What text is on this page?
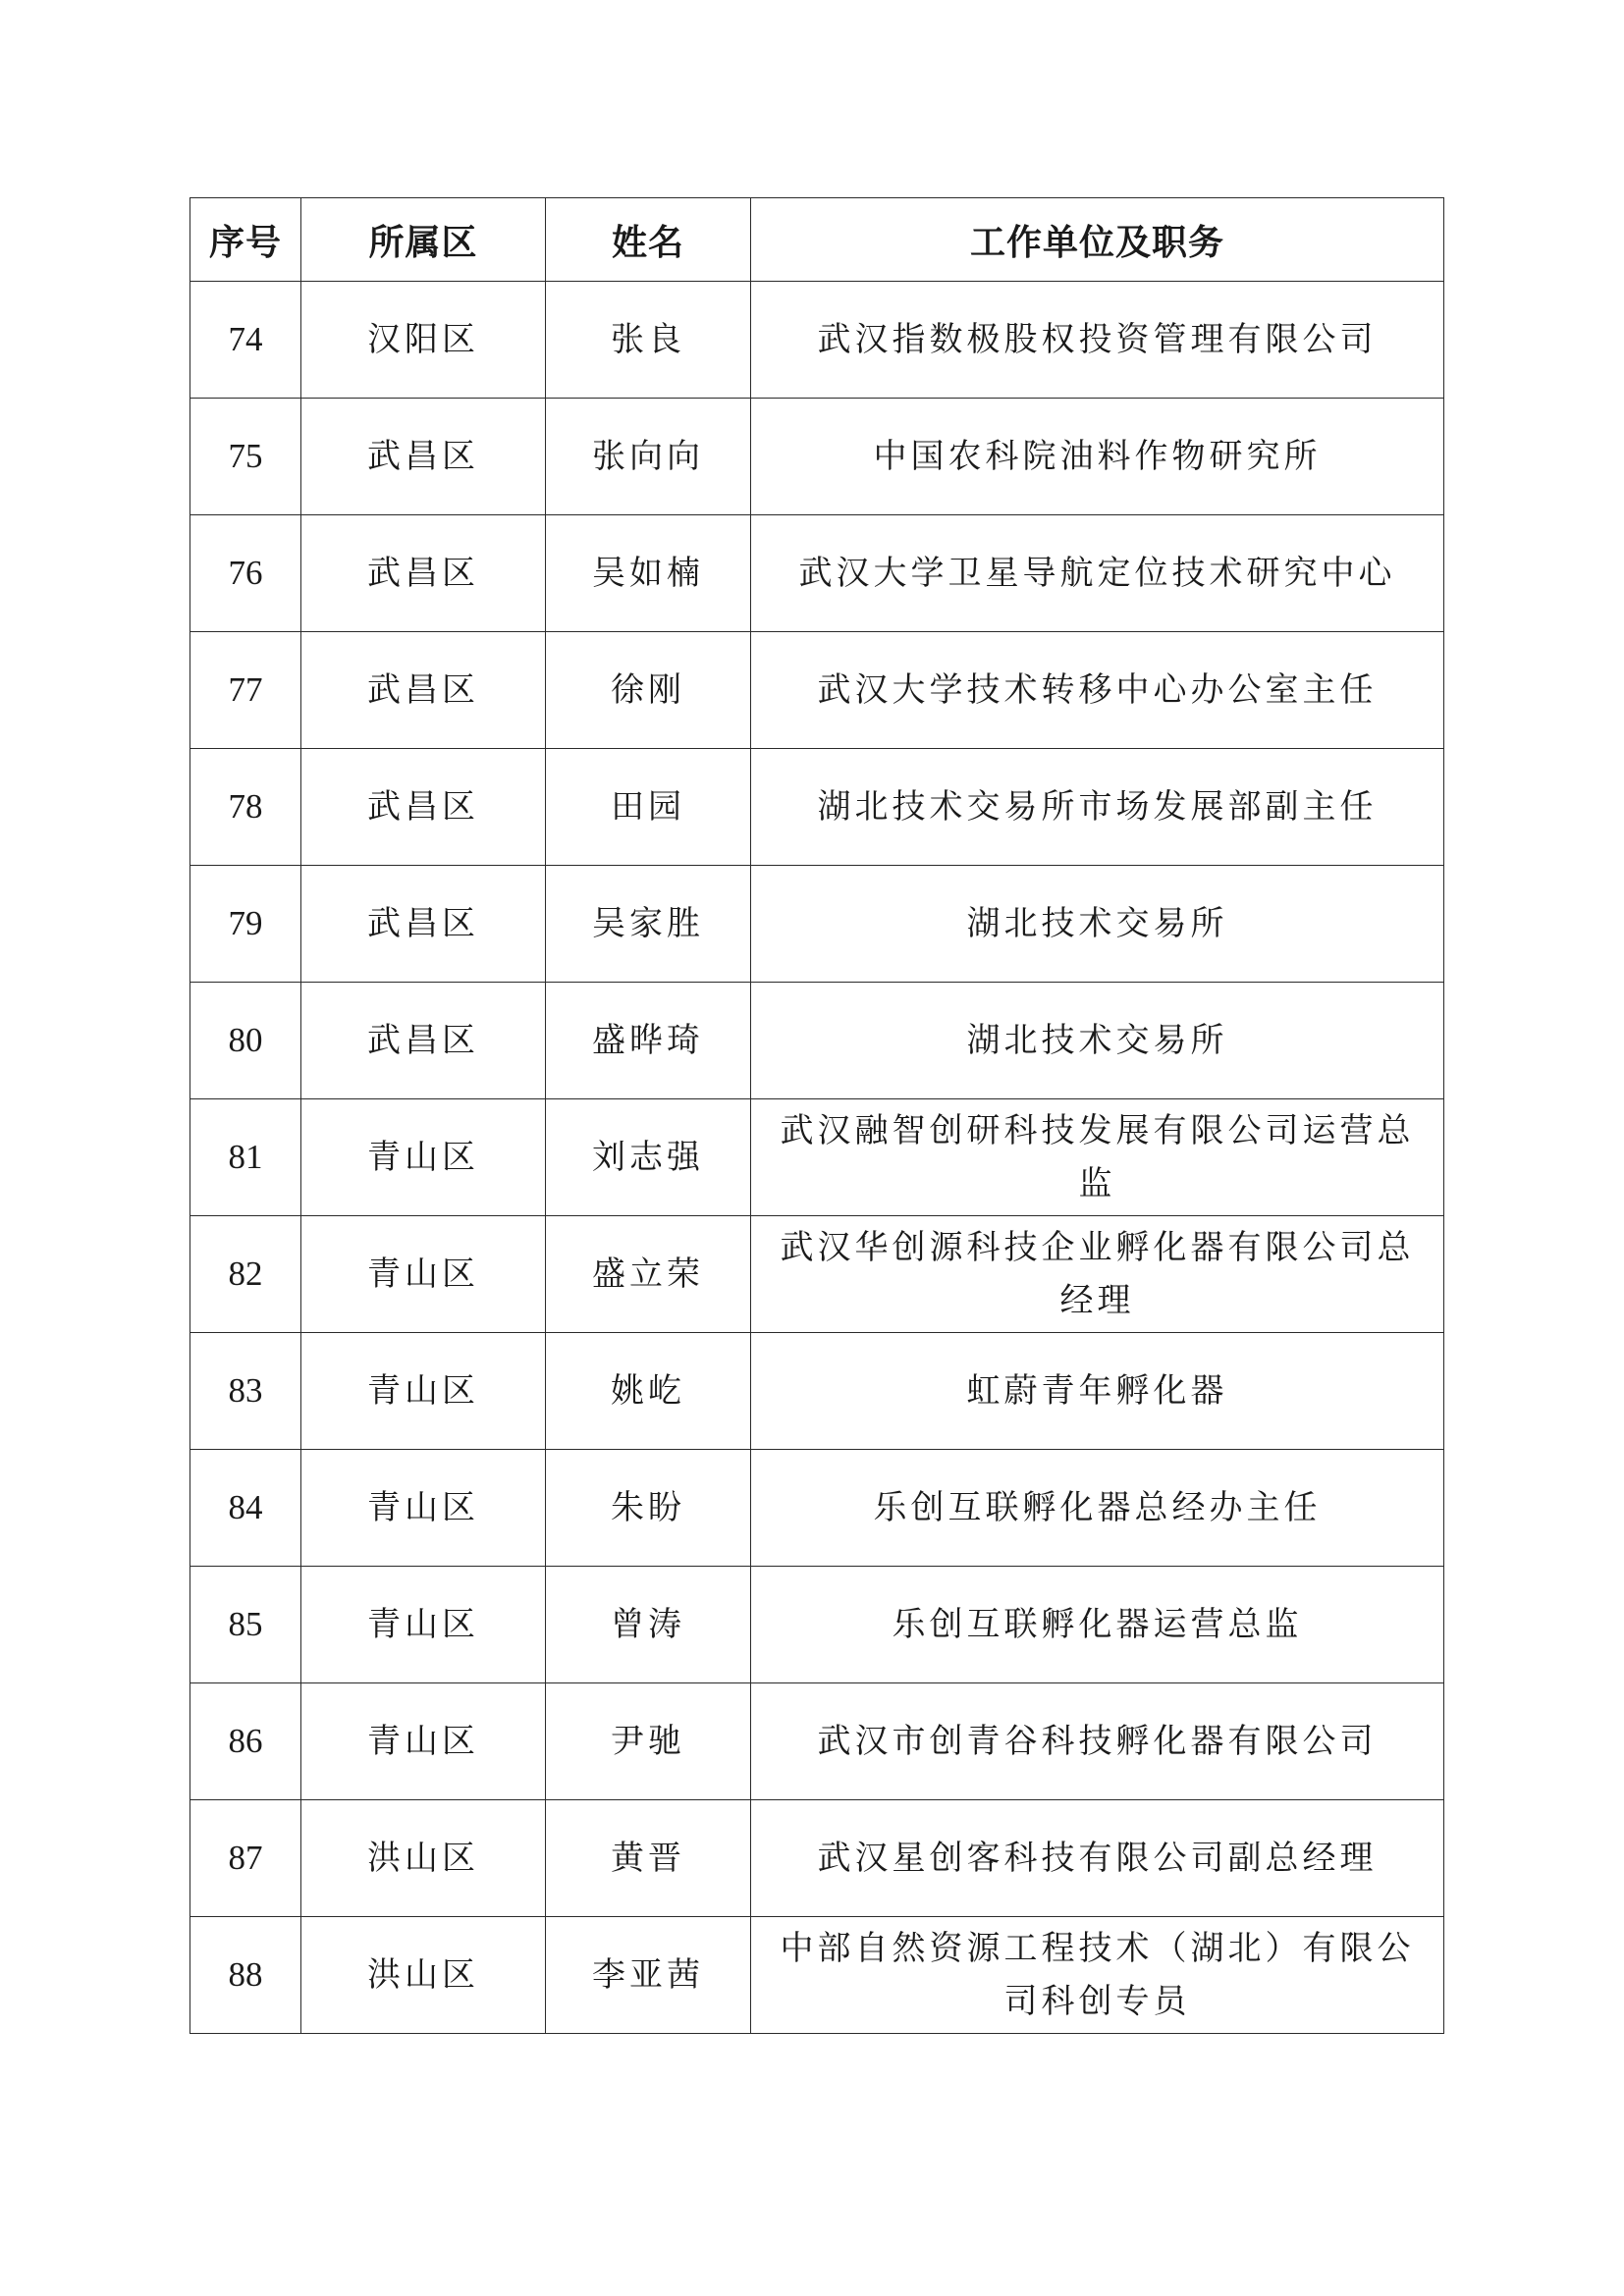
序号	所属区	姓名	工作单位及职务
74	汉阳区	张良	武汉指数极股权投资管理有限公司
75	武昌区	张向向	中国农科院油料作物研究所
76	武昌区	吴如楠	武汉大学卫星导航定位技术研究中心
77	武昌区	徐刚	武汉大学技术转移中心办公室主任
78	武昌区	田园	湖北技术交易所市场发展部副主任
79	武昌区	吴家胜	湖北技术交易所
80	武昌区	盛晔琦	湖北技术交易所
81	青山区	刘志强	武汉融智创研科技发展有限公司运营总监
82	青山区	盛立荣	武汉华创源科技企业孵化器有限公司总经理
83	青山区	姚屹	虹蔚青年孵化器
84	青山区	朱盼	乐创互联孵化器总经办主任
85	青山区	曾涛	乐创互联孵化器运营总监
86	青山区	尹驰	武汉市创青谷科技孵化器有限公司
87	洪山区	黄晋	武汉星创客科技有限公司副总经理
88	洪山区	李亚茜	中部自然资源工程技术（湖北）有限公司科创专员
